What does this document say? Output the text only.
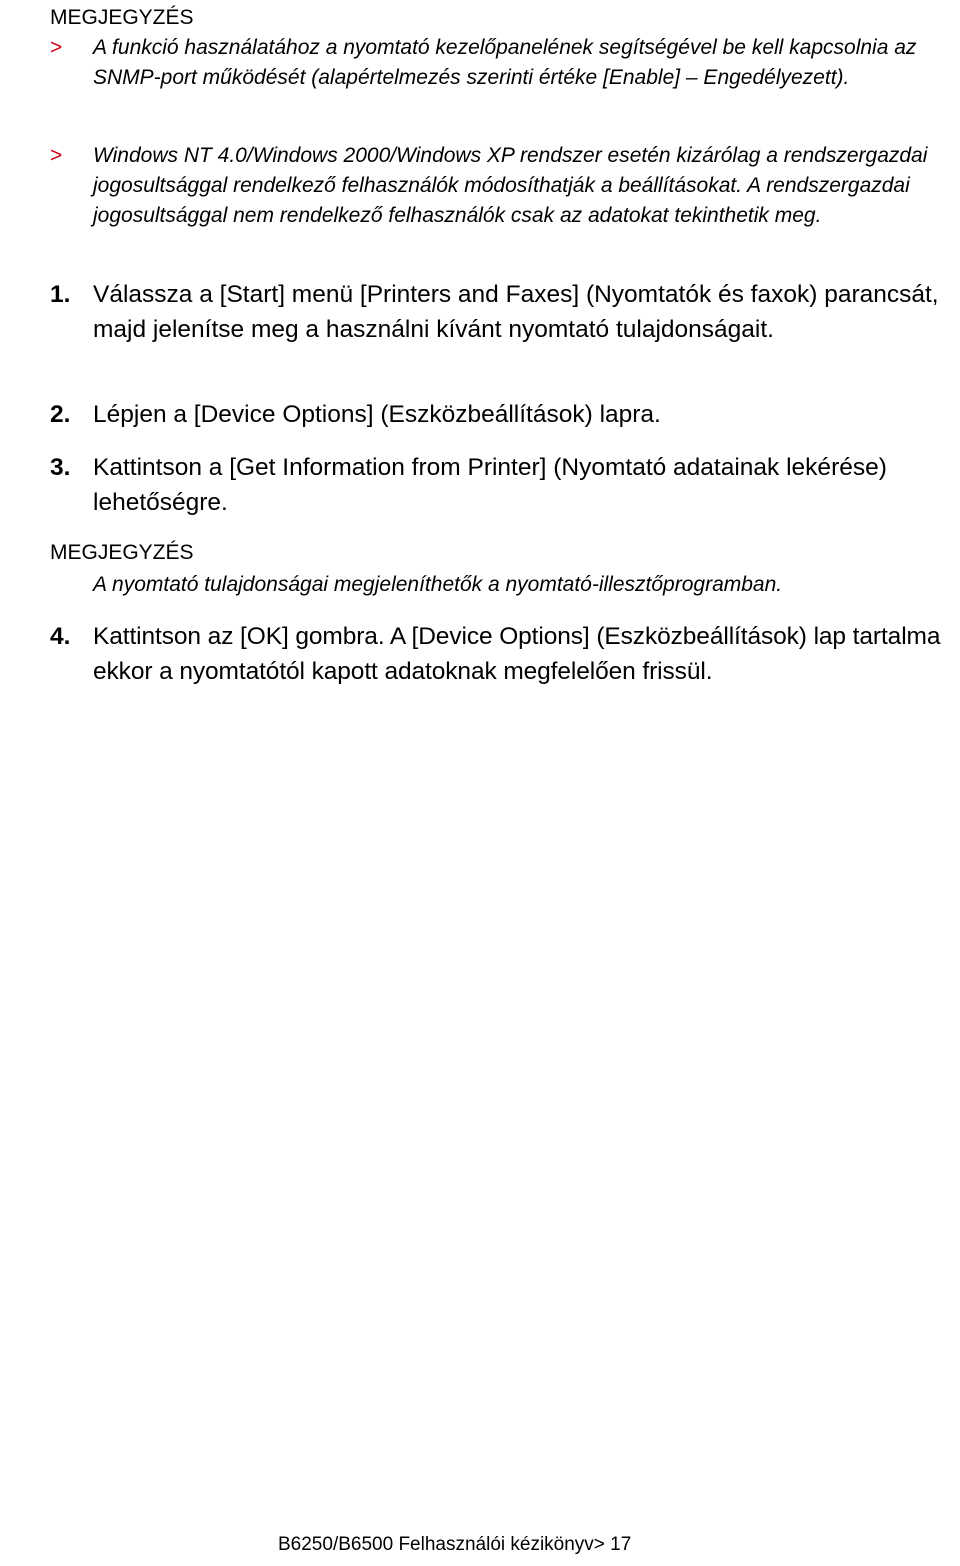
MEGJEGYZÉS
> A funkció használatához a nyomtató kezelőpanelének segítségével be kell kapcsolnia az SNMP-port működését (alapértelmezés szerinti értéke [Enable] – Engedélyezett).
> Windows NT 4.0/Windows 2000/Windows XP rendszer esetén kizárólag a rendszergazdai jogosultsággal rendelkező felhasználók módosíthatják a beállításokat. A rendszergazdai jogosultsággal nem rendelkező felhasználók csak az adatokat tekinthetik meg.
1. Válassza a [Start] menü [Printers and Faxes] (Nyomtatók és faxok) parancsát, majd jelenítse meg a használni kívánt nyomtató tulajdonságait.
2. Lépjen a [Device Options] (Eszközbeállítások) lapra.
3. Kattintson a [Get Information from Printer] (Nyomtató adatainak lekérése) lehetőségre.
MEGJEGYZÉS
A nyomtató tulajdonságai megjeleníthetők a nyomtató-illesztőprogramban.
4. Kattintson az [OK] gombra. A [Device Options] (Eszközbeállítások) lap tartalma ekkor a nyomtatótól kapott adatoknak megfelelően frissül.
B6250/B6500 Felhasználói kézikönyv> 17
